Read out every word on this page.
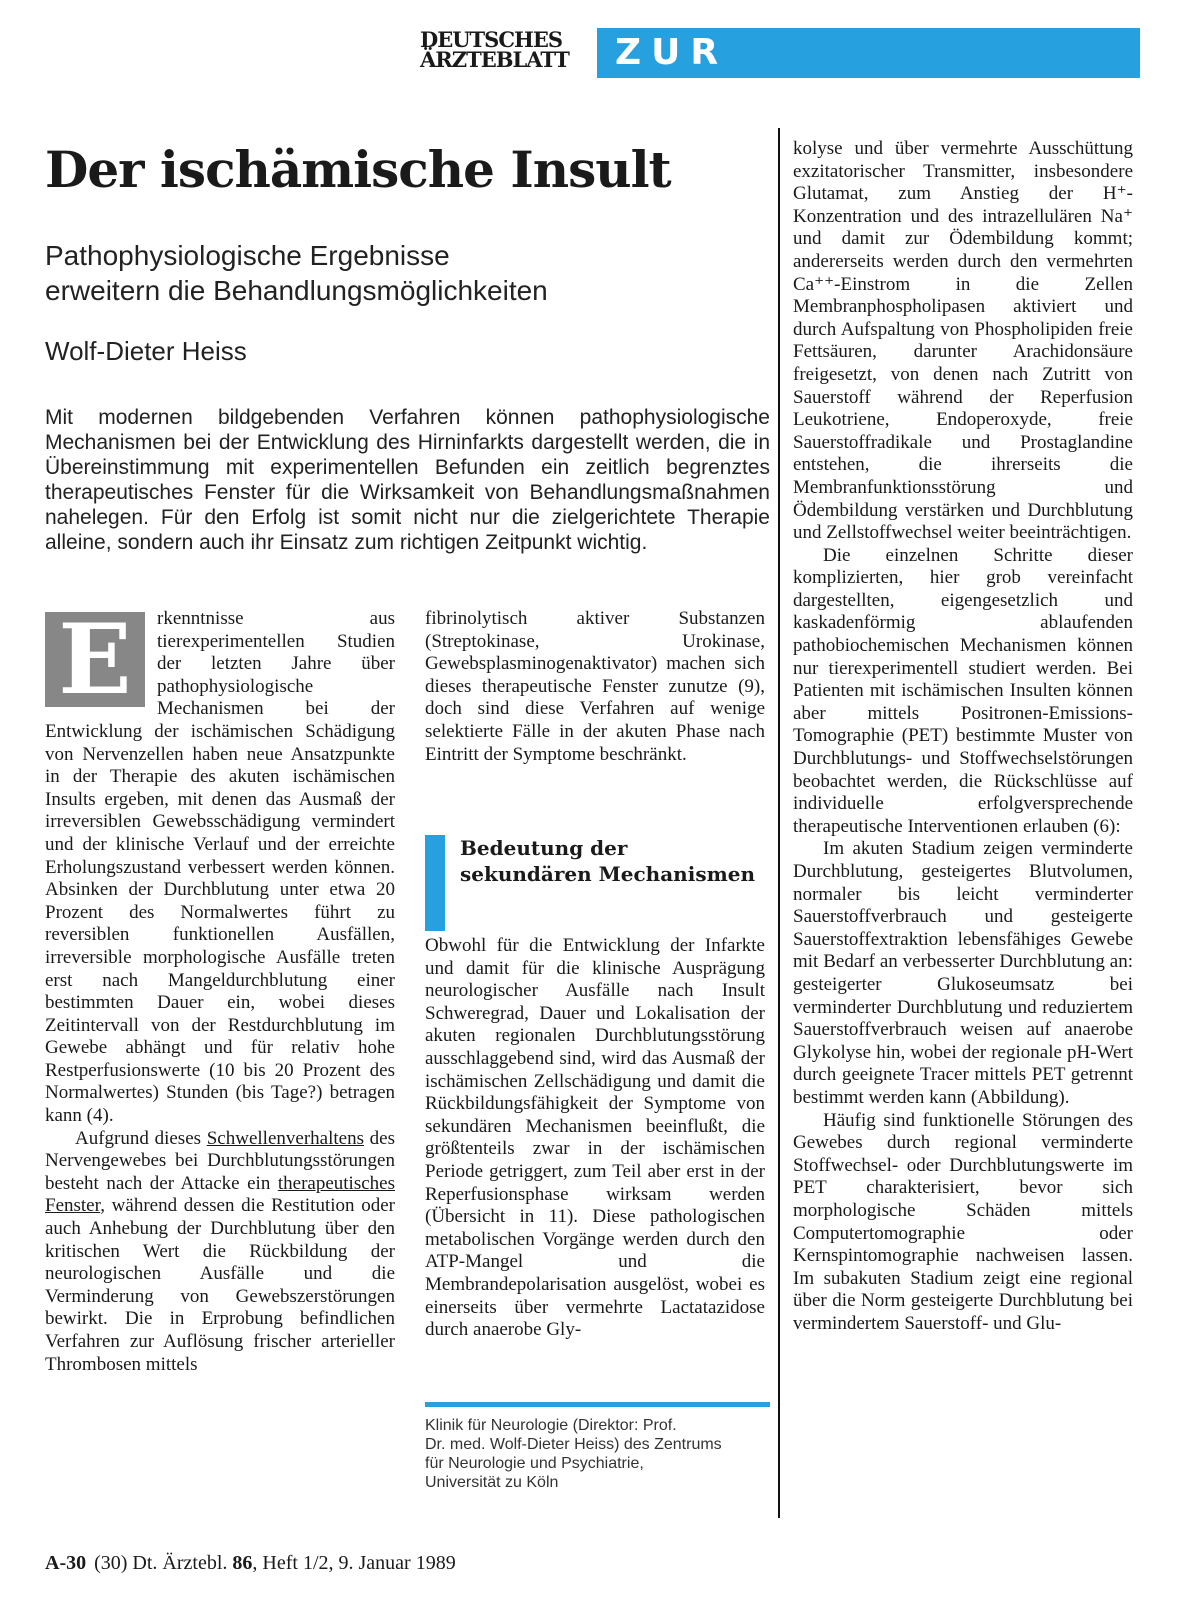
DEUTSCHES
ÄRZTEBLATT	ZUR FORTBILDUNG
Der ischämische Insult
Pathophysiologische Ergebnisse
erweitern die Behandlungsmöglichkeiten
Wolf-Dieter Heiss

Mit modernen bildgebenden Verfahren können pathophysiologische Mechanismen bei der Entwicklung des Hirninfarkts dargestellt werden, die in Übereinstimmung mit experimentellen Befunden ein zeitlich begrenztes therapeutisches Fenster für die Wirksamkeit von Behandlungsmaßnahmen nahelegen. Für den Erfolg ist somit nicht nur die zielgerichtete Therapie alleine, sondern auch ihr Einsatz zum richtigen Zeitpunkt wichtig.

E	rkenntnisse aus tierexperimentellen Studien der letzten Jahre über pathophysiologische Mechanismen bei der Entwicklung der ischämischen Schädigung von Nervenzellen haben neue Ansatzpunkte in der Therapie des akuten ischämischen Insults ergeben, mit denen das Ausmaß der irreversiblen Gewebsschädigung vermindert und der klinische Verlauf und der erreichte Erholungszustand verbessert werden können. Absinken der Durchblutung unter etwa 20 Prozent des Normalwertes führt zu reversiblen funktionellen Ausfällen, irreversible morphologische Ausfälle treten erst nach Mangeldurchblutung einer bestimmten Dauer ein, wobei dieses Zeitintervall von der Restdurchblutung im Gewebe abhängt und für relativ hohe Restperfusionswerte (10 bis 20 Prozent des Normalwertes) Stunden (bis Tage?) betragen kann (4).

Aufgrund dieses Schwellenverhaltens des Nervengewebes bei Durchblutungsstörungen besteht nach der Attacke ein therapeutisches Fenster, während dessen die Restitution oder auch Anhebung der Durchblutung über den kritischen Wert die Rückbildung der neurologischen Ausfälle und die Verminderung von Gewebszerstörungen bewirkt. Die in Erprobung befindlichen Verfahren zur Auflösung frischer arterieller Thrombosen mittels

fibrinolytisch aktiver Substanzen (Streptokinase, Urokinase, Gewebsplasminogenaktivator) machen sich dieses therapeutische Fenster zunutze (9), doch sind diese Verfahren auf wenige selektierte Fälle in der akuten Phase nach Eintritt der Symptome beschränkt.

Bedeutung der
sekundären Mechanismen

Obwohl für die Entwicklung der Infarkte und damit für die klinische Ausprägung neurologischer Ausfälle nach Insult Schweregrad, Dauer und Lokalisation der akuten regionalen Durchblutungsstörung ausschlaggebend sind, wird das Ausmaß der ischämischen Zellschädigung und damit die Rückbildungsfähigkeit der Symptome von sekundären Mechanismen beeinflußt, die größtenteils zwar in der ischämischen Periode getriggert, zum Teil aber erst in der Reperfusionsphase wirksam werden (Übersicht in 11). Diese pathologischen metabolischen Vorgänge werden durch den ATP-Mangel und die Membrandepolarisation ausgelöst, wobei es einerseits über vermehrte Lactatazidose durch anaerobe Gly-

Klinik für Neurologie (Direktor: Prof.
Dr. med. Wolf-Dieter Heiss) des Zentrums
für Neurologie und Psychiatrie,
Universität zu Köln

kolyse und über vermehrte Ausschüttung exzitatorischer Transmitter, insbesondere Glutamat, zum Anstieg der H⁺-Konzentration und des intrazellulären Na⁺ und damit zur Ödembildung kommt; andererseits werden durch den vermehrten Ca⁺⁺-Einstrom in die Zellen Membranphospholipasen aktiviert und durch Aufspaltung von Phospholipiden freie Fettsäuren, darunter Arachidonsäure freigesetzt, von denen nach Zutritt von Sauerstoff während der Reperfusion Leukotriene, Endoperoxyde, freie Sauerstoffradikale und Prostaglandine entstehen, die ihrerseits die Membranfunktionsstörung und Ödembildung verstärken und Durchblutung und Zellstoffwechsel weiter beeinträchtigen.

Die einzelnen Schritte dieser komplizierten, hier grob vereinfacht dargestellten, eigengesetzlich und kaskadenförmig ablaufenden pathobiochemischen Mechanismen können nur tierexperimentell studiert werden. Bei Patienten mit ischämischen Insulten können aber mittels Positronen-Emissions-Tomographie (PET) bestimmte Muster von Durchblutungs- und Stoffwechselstörungen beobachtet werden, die Rückschlüsse auf individuelle erfolgversprechende therapeutische Interventionen erlauben (6):

Im akuten Stadium zeigen verminderte Durchblutung, gesteigertes Blutvolumen, normaler bis leicht verminderter Sauerstoffverbrauch und gesteigerte Sauerstoffextraktion lebensfähiges Gewebe mit Bedarf an verbesserter Durchblutung an: gesteigerter Glukoseumsatz bei verminderter Durchblutung und reduziertem Sauerstoffverbrauch weisen auf anaerobe Glykolyse hin, wobei der regionale pH-Wert durch geeignete Tracer mittels PET getrennt bestimmt werden kann (Abbildung).

Häufig sind funktionelle Störungen des Gewebes durch regional verminderte Stoffwechsel- oder Durchblutungswerte im PET charakterisiert, bevor sich morphologische Schäden mittels Computertomographie oder Kernspintomographie nachweisen lassen. Im subakuten Stadium zeigt eine regional über die Norm gesteigerte Durchblutung bei vermindertem Sauerstoff- und Glu-

A-30 (30) Dt. Ärztebl. 86, Heft 1/2, 9. Januar 1989
